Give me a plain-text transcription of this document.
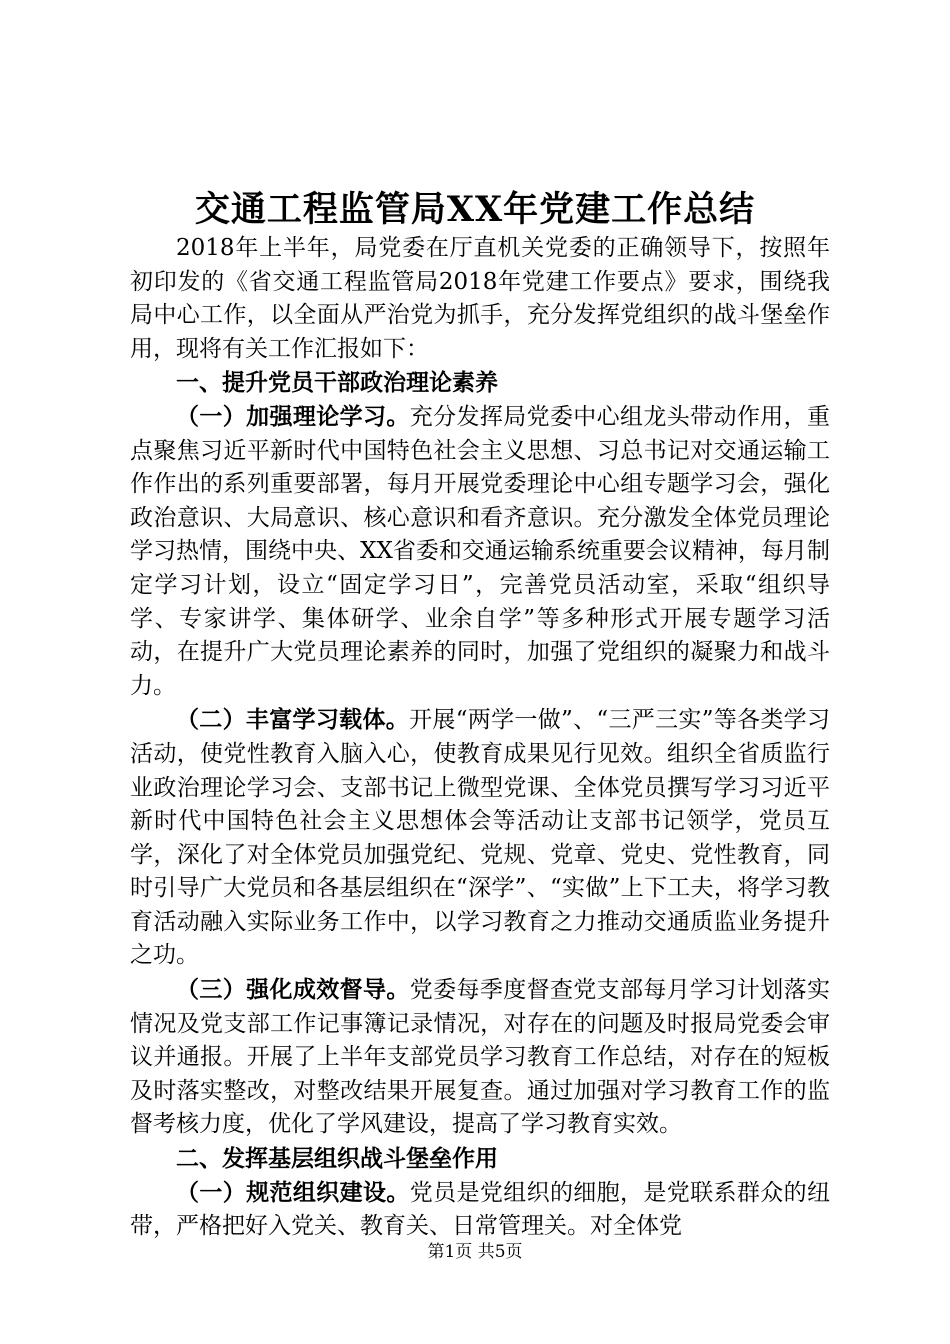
交通工程监管局XX年党建工作总结

2018年上半年，局党委在厅直机关党委的正确领导下，按照年初印发的《省交通工程监管局2018年党建工作要点》要求，围绕我局中心工作，以全面从严治党为抓手，充分发挥党组织的战斗堡垒作用，现将有关工作汇报如下：

一、提升党员干部政治理论素养

（一）加强理论学习。充分发挥局党委中心组龙头带动作用，重点聚焦习近平新时代中国特色社会主义思想、习总书记对交通运输工作作出的系列重要部署，每月开展党委理论中心组专题学习会，强化政治意识、大局意识、核心意识和看齐意识。充分激发全体党员理论学习热情，围绕中央、XX省委和交通运输系统重要会议精神，每月制定学习计划，设立“固定学习日”，完善党员活动室，采取“组织导学、专家讲学、集体研学、业余自学”等多种形式开展专题学习活动，在提升广大党员理论素养的同时，加强了党组织的凝聚力和战斗力。

（二）丰富学习载体。开展“两学一做”、“三严三实”等各类学习活动，使党性教育入脑入心，使教育成果见行见效。组织全省质监行业政治理论学习会、支部书记上微型党课、全体党员撰写学习习近平新时代中国特色社会主义思想体会等活动让支部书记领学，党员互学，深化了对全体党员加强党纪、党规、党章、党史、党性教育，同时引导广大党员和各基层组织在“深学”、“实做”上下工夫，将学习教育活动融入实际业务工作中，以学习教育之力推动交通质监业务提升之功。

（三）强化成效督导。党委每季度督查党支部每月学习计划落实情况及党支部工作记事簿记录情况，对存在的问题及时报局党委会审议并通报。开展了上半年支部党员学习教育工作总结，对存在的短板及时落实整改，对整改结果开展复查。通过加强对学习教育工作的监督考核力度，优化了学风建设，提高了学习教育实效。

二、发挥基层组织战斗堡垒作用

（一）规范组织建设。党员是党组织的细胞，是党联系群众的纽带，严格把好入党关、教育关、日常管理关。对全体党

第1页 共5页
